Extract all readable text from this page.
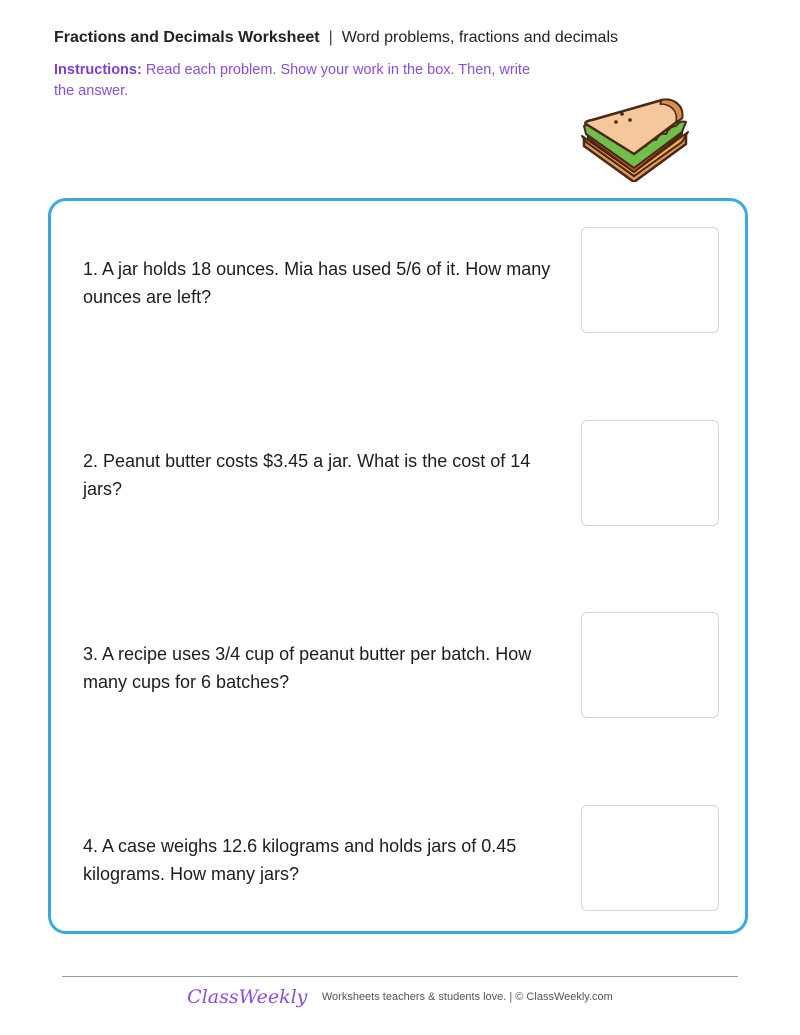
Fractions and Decimals Worksheet | Word problems, fractions and decimals
Instructions: Read each problem. Show your work in the box. Then, write the answer.
1. A jar holds 18 ounces. Mia has used 5/6 of it. How many ounces are left?
2. Peanut butter costs $3.45 a jar. What is the cost of 14 jars?
3. A recipe uses 3/4 cup of peanut butter per batch. How many cups for 6 batches?
4. A case weighs 12.6 kilograms and holds jars of 0.45 kilograms. How many jars?
ClassWeekly Worksheets teachers & students love. | © ClassWeekly.com
